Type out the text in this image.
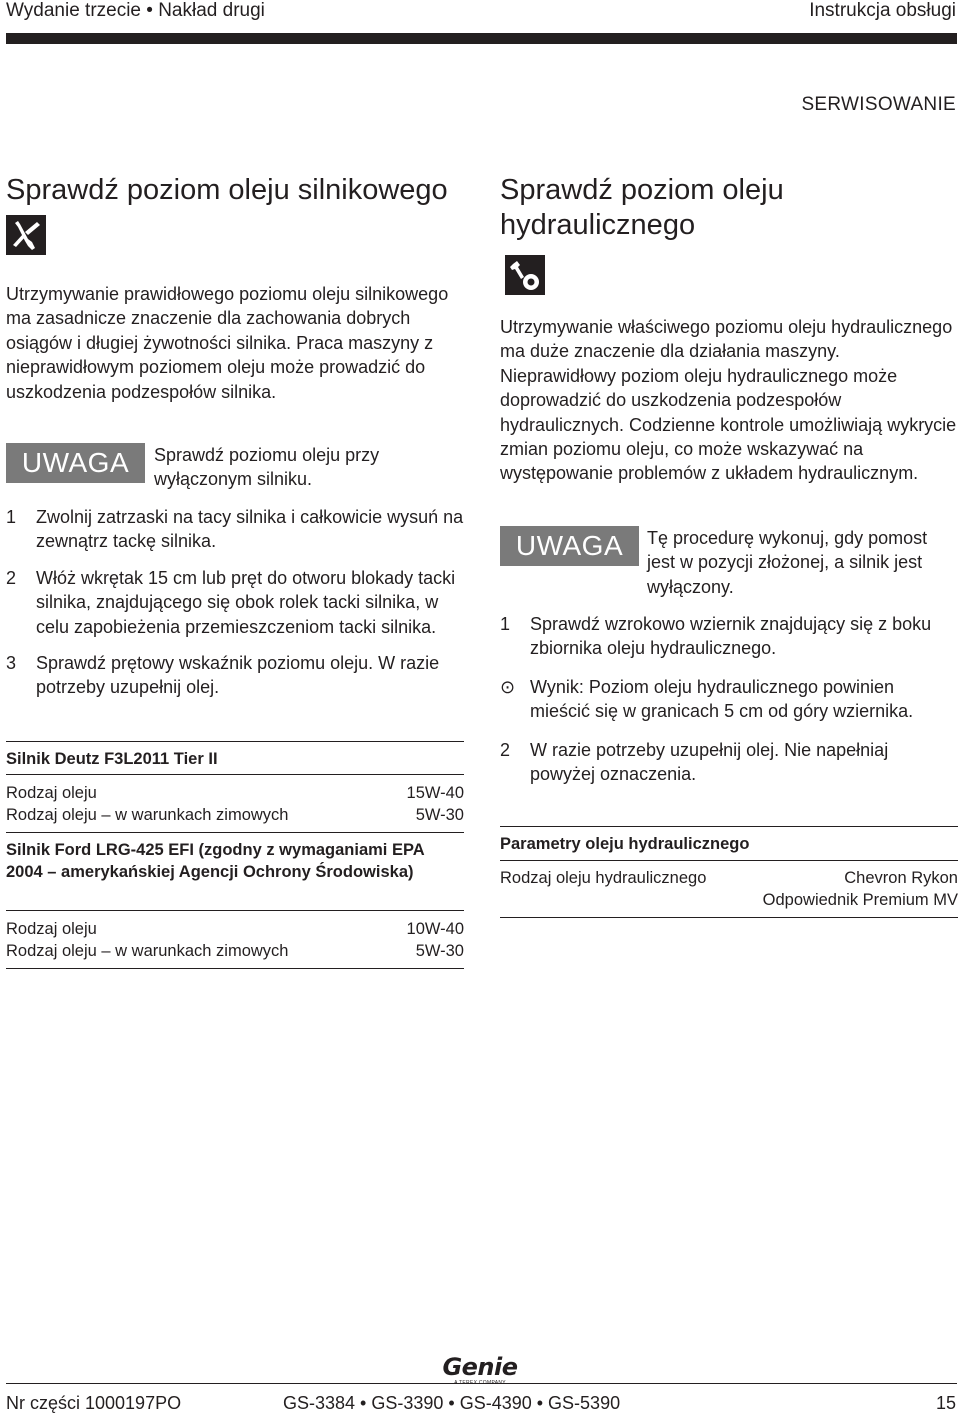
Wydanie trzecie • Nakład drugi	Instrukcja obsługi
SERWISOWANIE
Sprawdź poziom oleju silnikowego
Utrzymywanie prawidłowego poziomu oleju silnikowego ma zasadnicze znaczenie dla zachowania dobrych osiągów i długiej żywotności silnika. Praca maszyny z nieprawidłowym poziomem oleju może prowadzić do uszkodzenia podzespołów silnika.
UWAGA	Sprawdź poziomu oleju przy wyłączonym silniku.
1	Zwolnij zatrzaski na tacy silnika i całkowicie wysuń na zewnątrz tackę silnika.
2	Włóż wkrętak 15 cm lub pręt do otworu blokady tacki silnika, znajdującego się obok rolek tacki silnika, w celu zapobieżenia przemieszczeniom tacki silnika.
3	Sprawdź prętowy wskaźnik poziomu oleju. W razie potrzeby uzupełnij olej.
Silnik Deutz F3L2011 Tier II
Rodzaj oleju	15W-40
Rodzaj oleju – w warunkach zimowych	5W-30
Silnik Ford LRG-425 EFI (zgodny z wymaganiami EPA 2004 – amerykańskiej Agencji Ochrony Środowiska)
Rodzaj oleju	10W-40
Rodzaj oleju – w warunkach zimowych	5W-30
Sprawdź poziom oleju hydraulicznego
Utrzymywanie właściwego poziomu oleju hydraulicznego ma duże znaczenie dla działania maszyny. Nieprawidłowy poziom oleju hydraulicznego może doprowadzić do uszkodzenia podzespołów hydraulicznych. Codzienne kontrole umożliwiają wykrycie zmian poziomu oleju, co może wskazywać na występowanie problemów z układem hydraulicznym.
UWAGA	Tę procedurę wykonuj, gdy pomost jest w pozycji złożonej, a silnik jest wyłączony.
1	Sprawdź wzrokowo wziernik znajdujący się z boku zbiornika oleju hydraulicznego.
⊙ Wynik: Poziom oleju hydraulicznego powinien mieścić się w granicach 5 cm od góry wziernika.
2	W razie potrzeby uzupełnij olej. Nie napełniaj powyżej oznaczenia.
Parametry oleju hydraulicznego
Rodzaj oleju hydraulicznego	Chevron Rykon
Odpowiednik Premium MV
Genie
A TEREX COMPANY
Nr części 1000197PO	GS-3384 • GS-3390 • GS-4390 • GS-5390	15
